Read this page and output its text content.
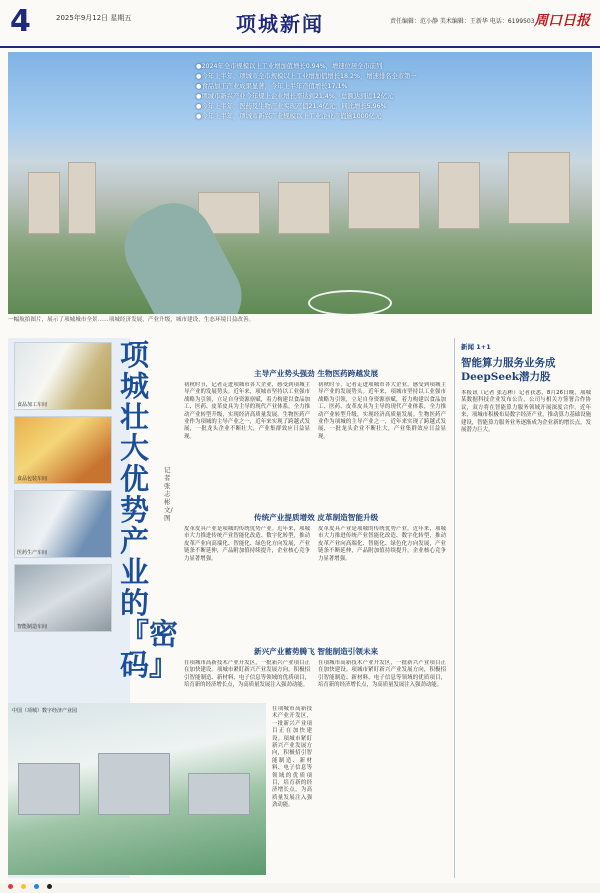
4	2025年9月12日 星期五	项城新闻	责任编辑：范小静 美术编辑：王新华 电话：6199503 周口日报
●2024年全市规模以上工业增加值增长0.94%，增速位居全市前列
●今年上半年，项城市全市规模以上工业增加值增长18.2%，增速排名全市第一
●食品加工产业成果显著，今年上半年产值增长17.1%
●项城市新兴产业今年规上企业增长率达到21.4%，总额达到近12亿元
●今年上半年，医药及生物产业实现产值21.4亿元，同比增长5.96%
●今年上半年，项城市新兴产业规模以上工业企业产值逾1000亿元
一幅航拍图片，展示了项城城市全景……项城经济发展，产业升级，城市建设，生态环境日益改善。
食品加工车间
食品包装车间
医药生产车间
智能制造车间
项城壮大优势产业的『密码』
记者 张志彬 文/图
主导产业势头强劲 生物医药跨越发展
初秋时节，记者走进项城市各大企业，感受到项城主导产业的发展势头。近年来，项城市坚持以工业强市战略为引领，立足自身资源禀赋，着力构建以食品加工、医药、皮革皮具为主导的现代产业体系，全力推动产业转型升级，实现经济高质量发展。生物医药产业作为项城的主导产业之一，近年来实现了跨越式发展，一批龙头企业不断壮大，产业集群效应日益显现。
初秋时节，记者走进项城市各大企业，感受到项城主导产业的发展势头。近年来，项城市坚持以工业强市战略为引领，立足自身资源禀赋，着力构建以食品加工、医药、皮革皮具为主导的现代产业体系，全力推动产业转型升级，实现经济高质量发展。生物医药产业作为项城的主导产业之一，近年来实现了跨越式发展，一批龙头企业不断壮大，产业集群效应日益显现。
传统产业提质增效 皮革制造智能升级
皮革皮具产业是项城的传统优势产业。近年来，项城市大力推进传统产业智能化改造、数字化转型，推动皮革产业向高端化、智能化、绿色化方向发展，产业链条不断延伸，产品附加值持续提升，企业核心竞争力显著增强。
皮革皮具产业是项城的传统优势产业。近年来，项城市大力推进传统产业智能化改造、数字化转型，推动皮革产业向高端化、智能化、绿色化方向发展，产业链条不断延伸，产品附加值持续提升，企业核心竞争力显著增强。
新兴产业蓄势腾飞 智能制造引领未来
在项城市高新技术产业开发区，一批新兴产业项目正在加快建设。项城市紧盯新兴产业发展方向，积极招引智能制造、新材料、电子信息等领域的优质项目，培育新的经济增长点，为高质量发展注入强劲动能。
在项城市高新技术产业开发区，一批新兴产业项目正在加快建设。项城市紧盯新兴产业发展方向，积极招引智能制造、新材料、电子信息等领域的优质项目，培育新的经济增长点，为高质量发展注入强劲动能。
在项城市高新技术产业开发区，一批新兴产业项目正在加快建设。项城市紧盯新兴产业发展方向，积极招引智能制造、新材料、电子信息等领域的优质项目，培育新的经济增长点，为高质量发展注入强劲动能。
中国（项城）数字经济产业园
新闻 1+1
智能算力服务业务成DeepSeek潜力股
本报讯（记者 张志彬）记者获悉，8月26日晚，项城某数据科技企业发布公告，公司与相关方签署合作协议，双方将在智能算力服务领域开展深度合作。近年来，项城市积极布局数字经济产业，推动算力基础设施建设，智能算力服务业务逐渐成为企业新的增长点，发展潜力巨大。
